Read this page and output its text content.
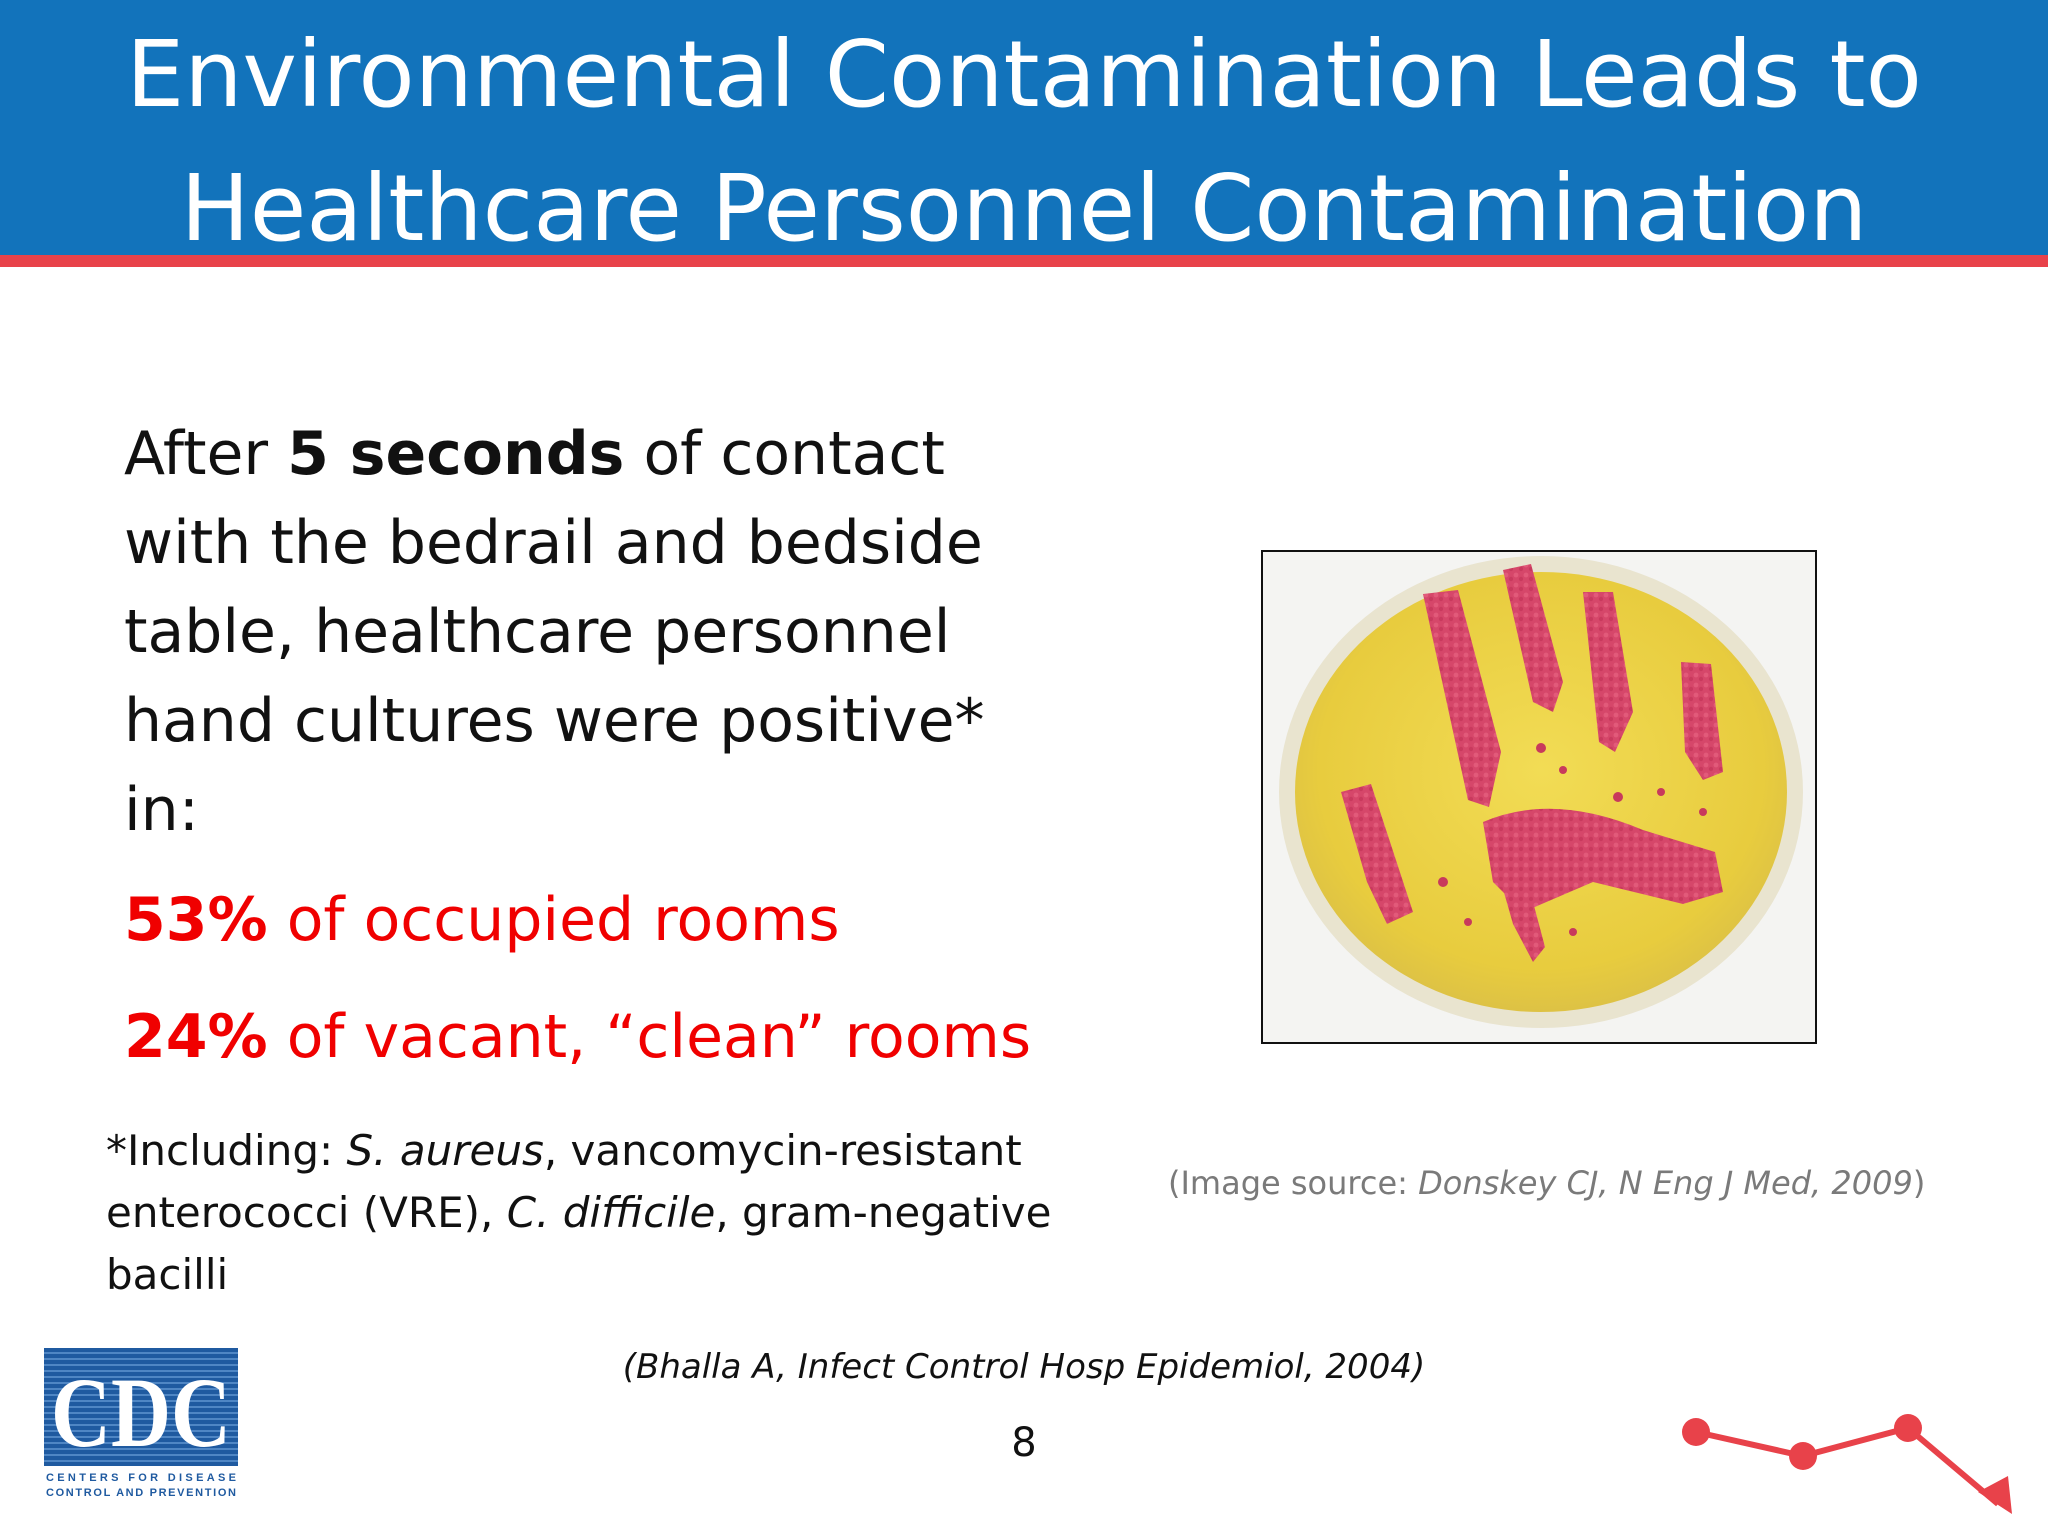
Environmental Contamination Leads to
Healthcare Personnel Contamination
After 5 seconds of contact with the bedrail and bedside table, healthcare personnel hand cultures were positive* in:
53% of occupied rooms
24% of vacant, “clean” rooms
*Including: S. aureus, vancomycin-resistant enterococci (VRE), C. difficile, gram-negative bacilli
(Image source: Donskey CJ, N Eng J Med, 2009)
(Bhalla A, Infect Control Hosp Epidemiol, 2004)
8
CDC
CENTERS FOR DISEASE
CONTROL AND PREVENTION
